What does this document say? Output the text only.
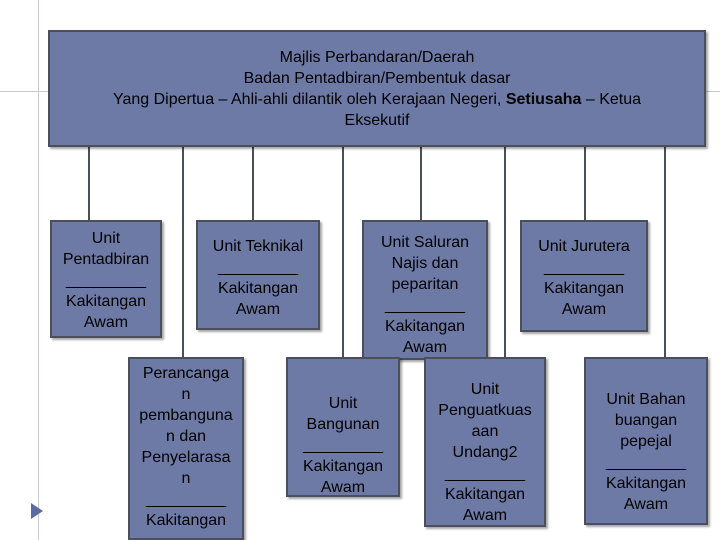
Majlis Perbandaran/Daerah
Badan Pentadbiran/Pembentuk dasar
Yang Dipertua – Ahli-ahli dilantik oleh Kerajaan Negeri, Setiusaha – Ketua
Eksekutif
Unit
Pentadbiran
_________
Kakitangan
Awam
Unit Teknikal
_________
Kakitangan
Awam
Unit Saluran
Najis dan
peparitan
_________
Kakitangan
Awam
Unit Jurutera
_________
Kakitangan
Awam
Perancanga
n
pembanguna
n dan
Penyelarasa
n
_________
Kakitangan
Unit
Bangunan
_________
Kakitangan
Awam
Unit
Penguatkuas
aan
Undang2
_________
Kakitangan
Awam
Unit Bahan
buangan
pepejal
_________
Kakitangan
Awam
